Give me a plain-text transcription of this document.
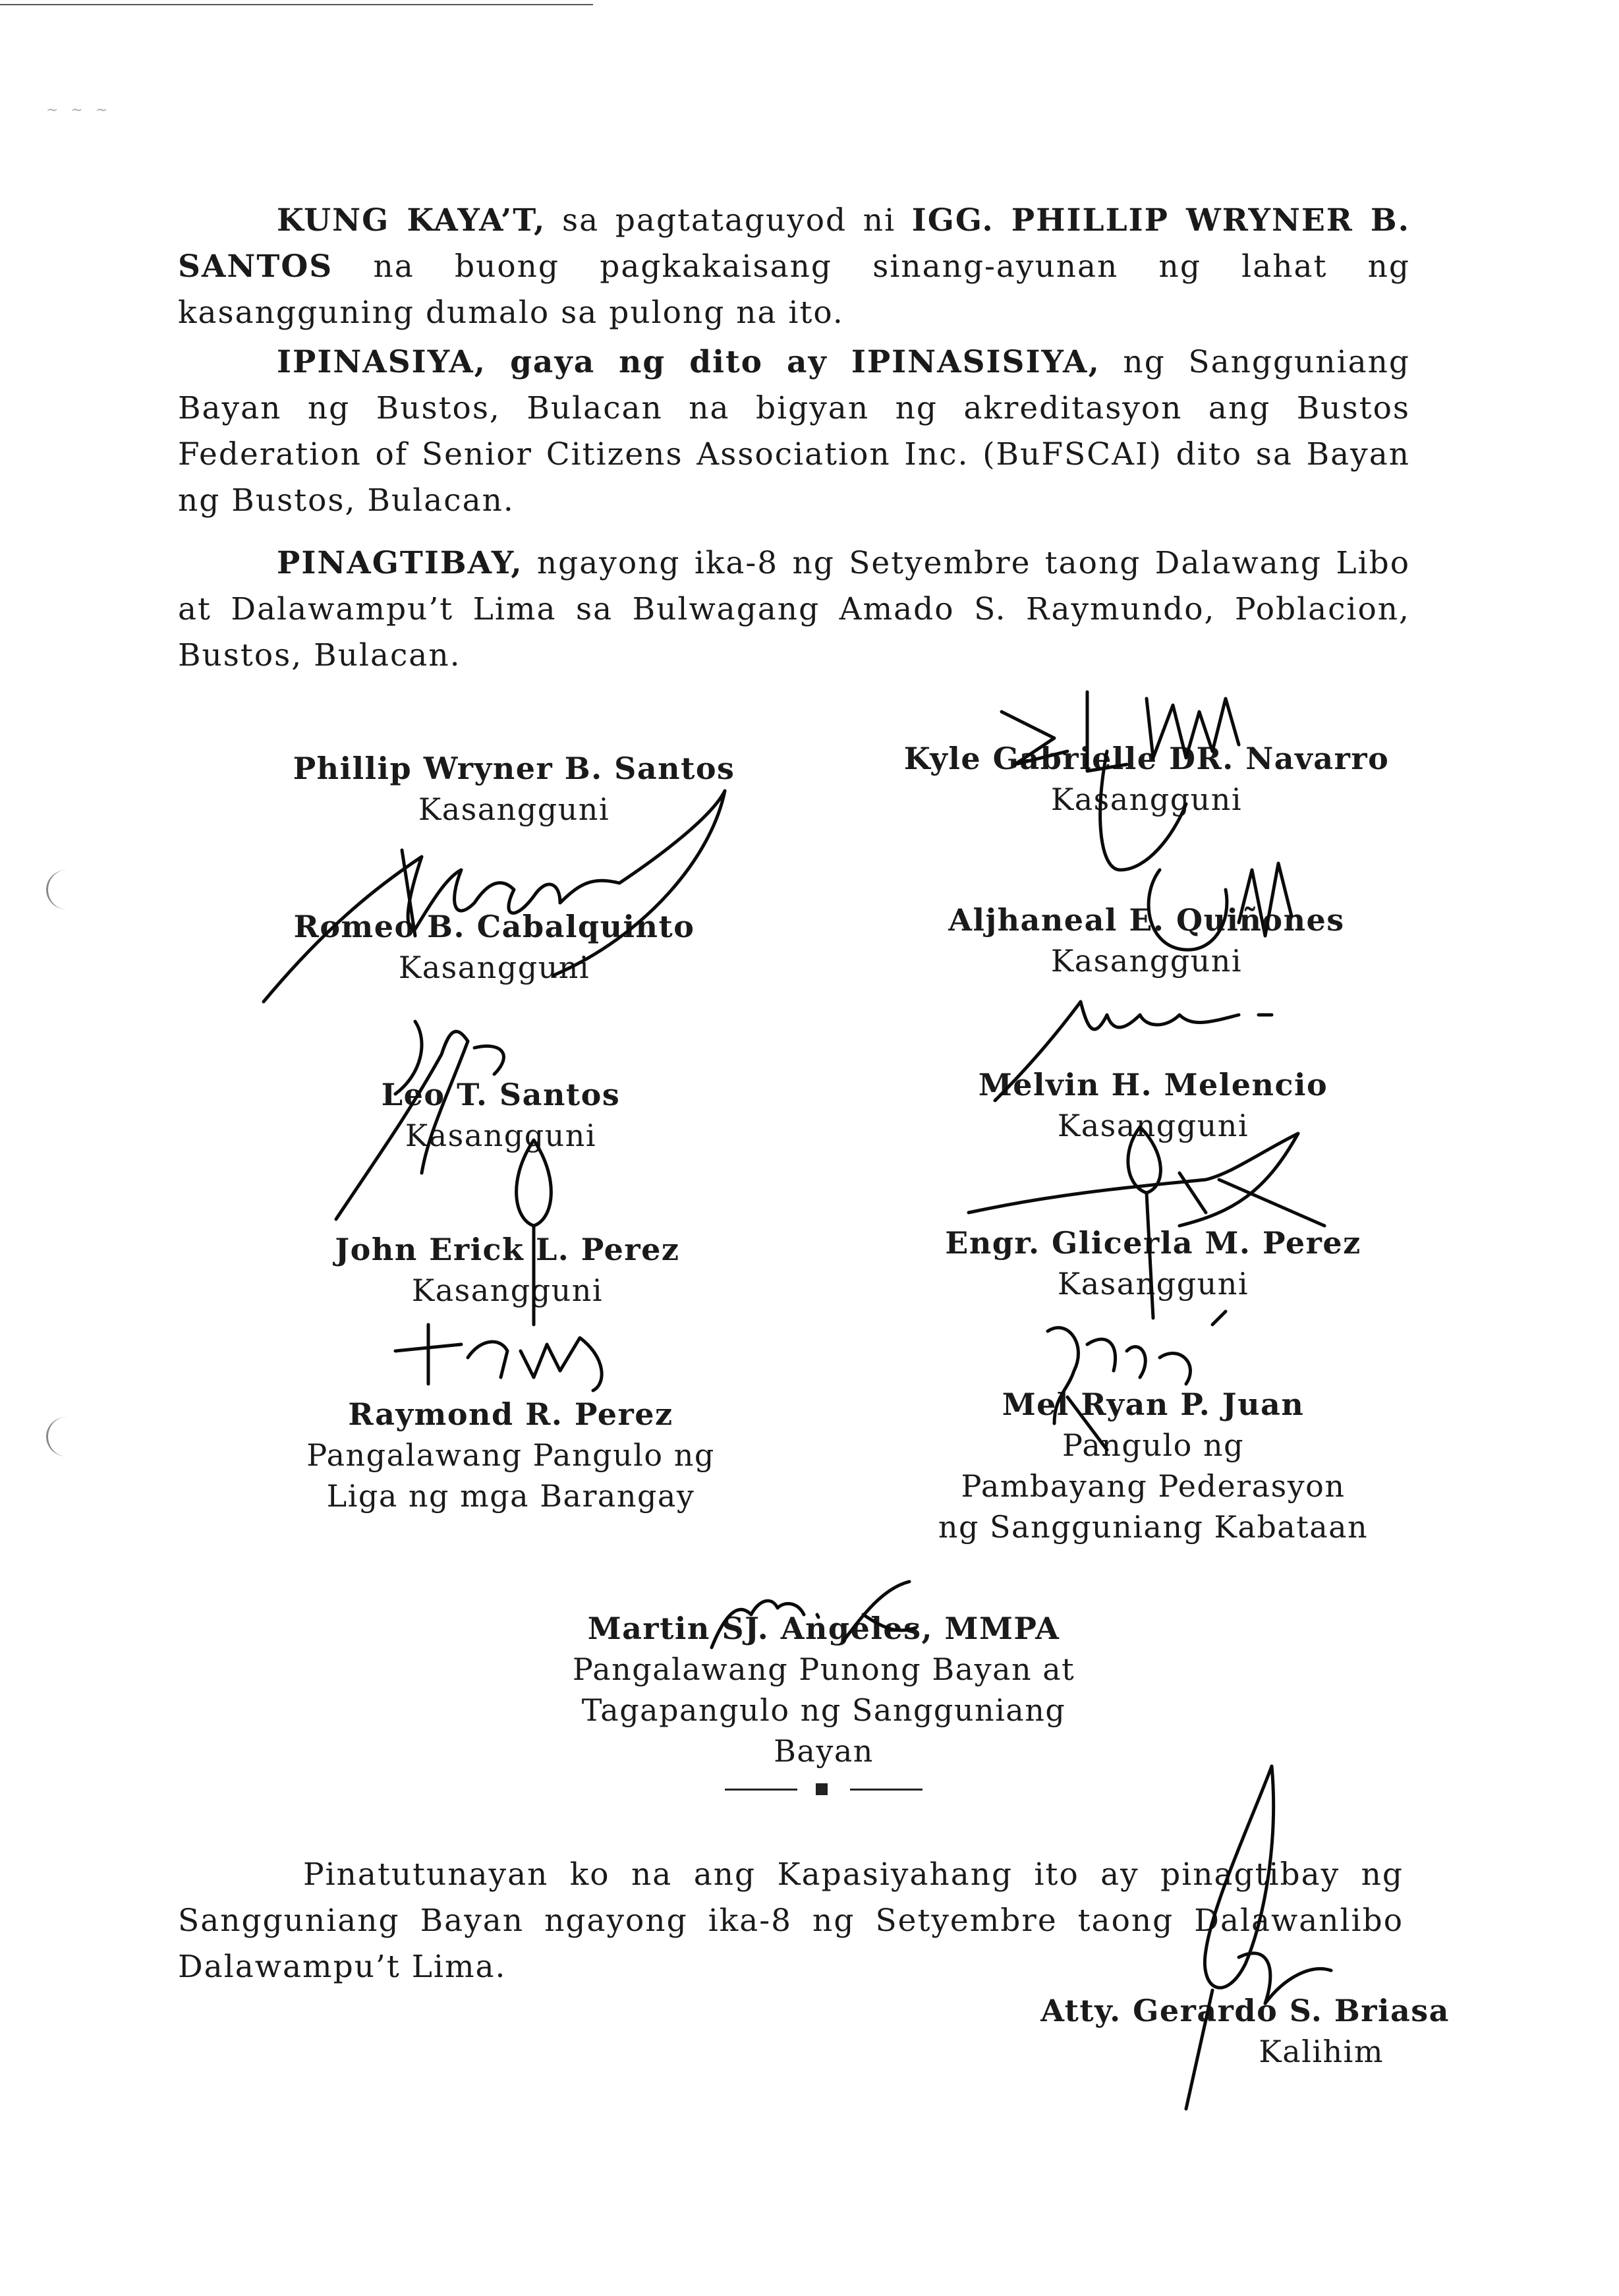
~ ~ ~

KUNG KAYA’T, sa pagtataguyod ni IGG. PHILLIP WRYNER B. SANTOS na buong pagkakaisang sinang-ayunan ng lahat ng kasangguning dumalo sa pulong na ito.

IPINASIYA, gaya ng dito ay IPINASISIYA, ng Sangguniang Bayan ng Bustos, Bulacan na bigyan ng akreditasyon ang Bustos Federation of Senior Citizens Association Inc. (BuFSCAI) dito sa Bayan ng Bustos, Bulacan.

PINAGTIBAY, ngayong ika-8 ng Setyembre taong Dalawang Libo at Dalawampu’t Lima sa Bulwagang Amado S. Raymundo, Poblacion, Bustos, Bulacan.

Phillip Wryner B. Santos
Kasangguni
Kyle Gabrielle DR. Navarro
Kasangguni
Romeo B. Cabalquinto
Kasangguni
Aljhaneal E. Quiñones
Kasangguni
Leo T. Santos
Kasangguni
Melvin H. Melencio
Kasangguni
John Erick L. Perez
Kasangguni
Engr. Glicerla M. Perez
Kasangguni
Raymond R. Perez
Pangalawang Pangulo ng
Liga ng mga Barangay
Mel Ryan P. Juan
Pangulo ng
Pambayang Pederasyon
ng Sangguniang Kabataan
Martin SJ. Angeles, MMPA
Pangalawang Punong Bayan at
Tagapangulo ng Sangguniang Bayan

Pinatutunayan ko na ang Kapasiyahang ito ay pinagtibay ng Sangguniang Bayan ngayong ika-8 ng Setyembre taong Dalawanlibo Dalawampu’t Lima.

Atty. Gerardo S. Briasa
Kalihim
